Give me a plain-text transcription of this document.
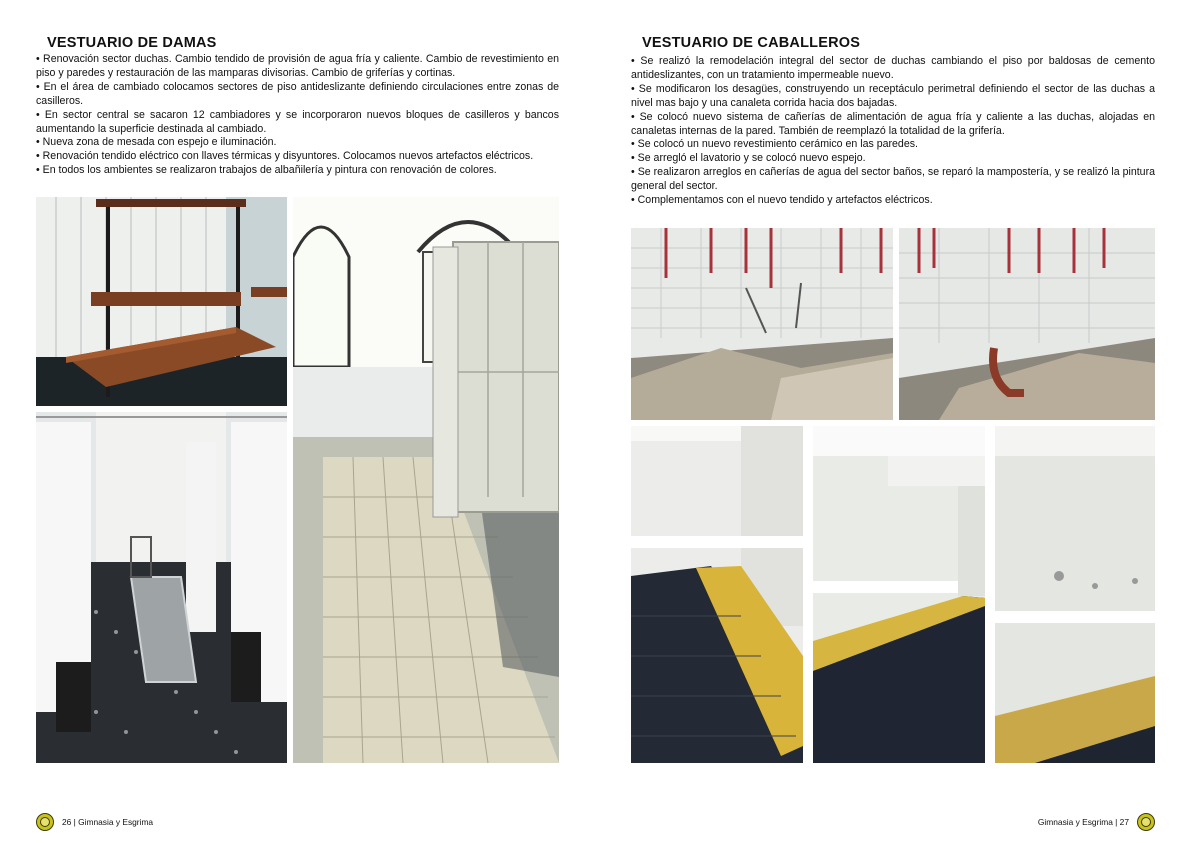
VESTUARIO DE DAMAS
• Renovación sector duchas. Cambio tendido de provisión de agua fría y caliente. Cambio de revestimiento en piso y paredes y restauración de las mamparas divisorias. Cambio de griferías y cortinas.
• En el área de cambiado colocamos sectores de piso antideslizante definiendo circulaciones entre zonas de casilleros.
• En sector central se sacaron 12 cambiadores y se incorporaron nuevos bloques de casilleros y bancos aumentando la superficie destinada al cambiado.
• Nueva zona de mesada con espejo e iluminación.
• Renovación tendido eléctrico con llaves térmicas y disyuntores. Colocamos nuevos artefactos eléctricos.
• En todos los ambientes se realizaron trabajos de albañilería y pintura con renovación de colores.
26 | Gimnasia y Esgrima
VESTUARIO DE CABALLEROS
• Se realizó la remodelación integral del sector de duchas cambiando el piso por baldosas de cemento antideslizantes, con un tratamiento impermeable nuevo.
• Se modificaron los desagües, construyendo un receptáculo perimetral definiendo el sector de las duchas a nivel mas bajo y una canaleta corrida hacia dos bajadas.
• Se colocó nuevo sistema de cañerías de alimentación de agua fría y caliente a las duchas, alojadas en canaletas internas de la pared. También de reemplazó la totalidad de la grifería.
• Se colocó un nuevo revestimiento cerámico en las paredes.
• Se arregló el lavatorio y se colocó nuevo espejo.
• Se realizaron arreglos en cañerías de agua del sector baños, se reparó la mampostería, y se realizó la pintura general del sector.
• Complementamos con el nuevo tendido y artefactos eléctricos.
Gimnasia y Esgrima | 27
